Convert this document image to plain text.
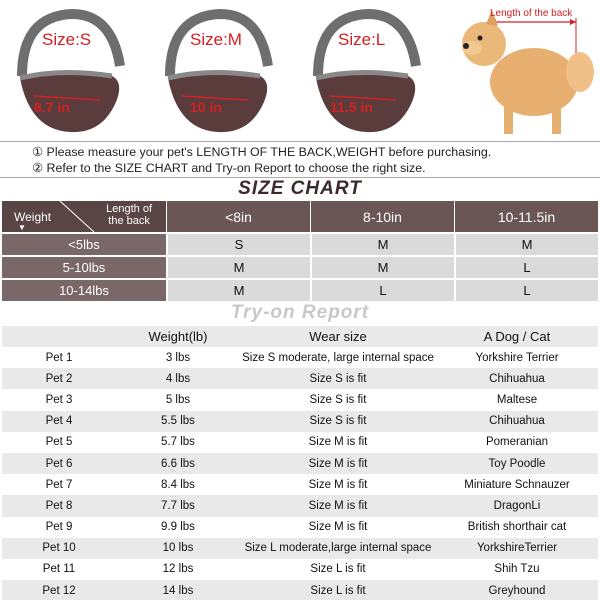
Size:S
8.7 in
Size:M
10 in
Size:L
11.5 in
Length of the back

① Please measure your pet's LENGTH OF THE BACK,WEIGHT before purchasing.

② Refer to the SIZE CHART and Try-on Report to choose the right size.

SIZE CHART
Weight
▼
Length of
the back	<8in	8-10in	10-11.5in
<5lbs	S	M	M
5-10lbs	M	M	L
10-14lbs	M	L	L
Try-on Report
	Weight(lb)	Wear size	A Dog / Cat
Pet 1	3 lbs	Size S moderate, large internal space	Yorkshire Terrier
Pet 2	4 lbs	Size S is fit	Chihuahua
Pet 3	5 lbs	Size S is fit	Maltese
Pet 4	5.5 lbs	Size S is fit	Chihuahua
Pet 5	5.7 lbs	Size M is fit	Pomeranian
Pet 6	6.6 lbs	Size M is fit	Toy Poodle
Pet 7	8.4 lbs	Size M is fit	Miniature Schnauzer
Pet 8	7.7 lbs	Size M is fit	DragonLi
Pet 9	9.9 lbs	Size M is fit	British shorthair cat
Pet 10	10 lbs	Size L moderate,large internal space	YorkshireTerrier
Pet 11	12 lbs	Size L is fit	Shih Tzu
Pet 12	14 lbs	Size L is fit	Greyhound
